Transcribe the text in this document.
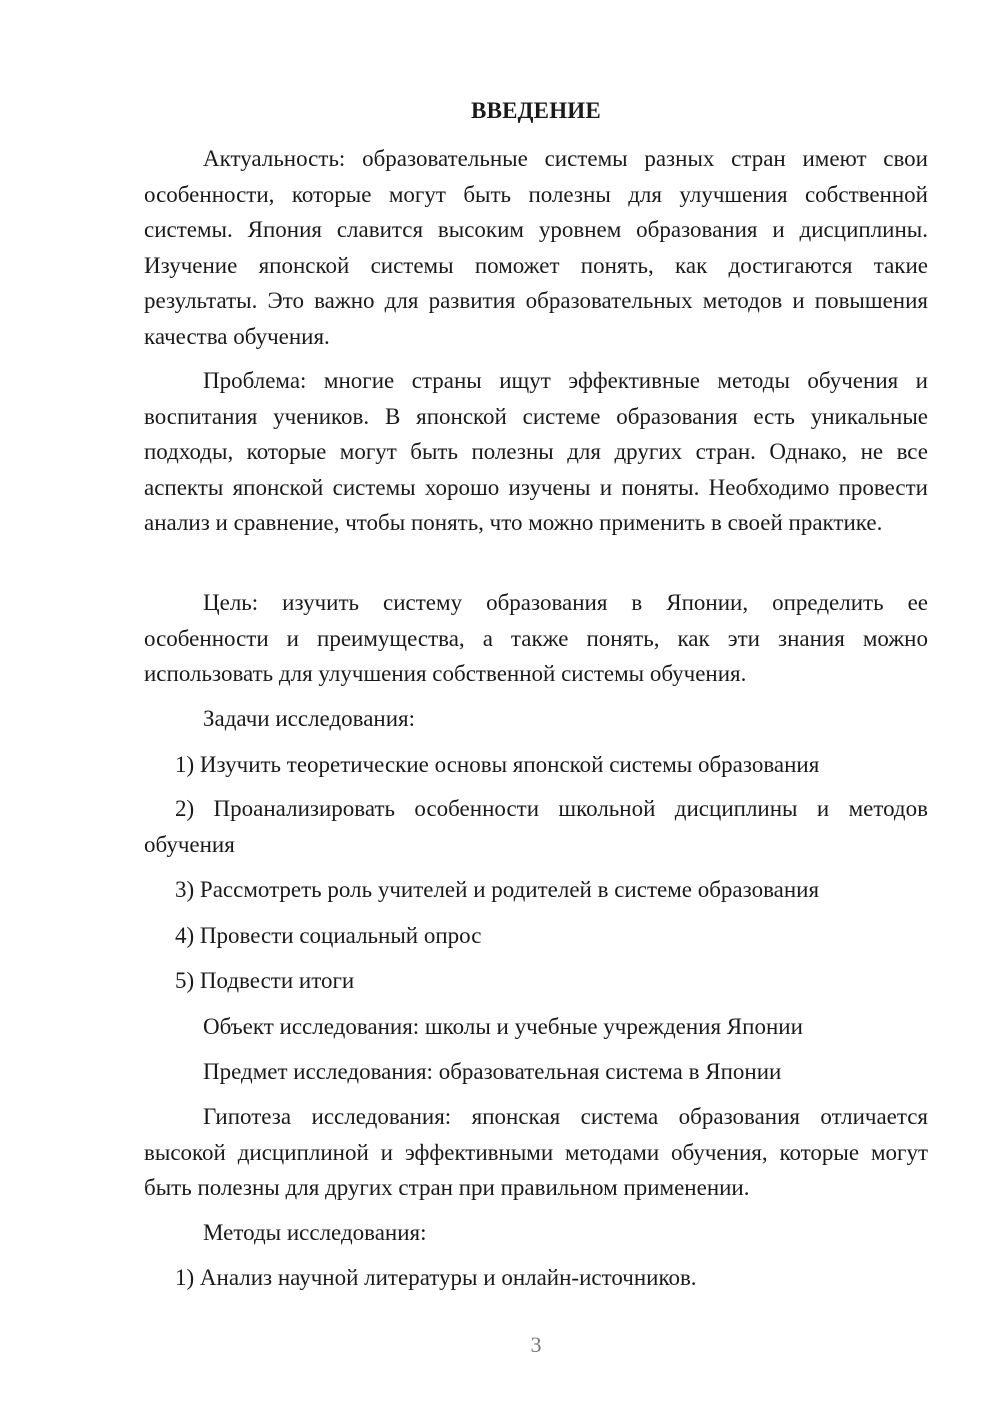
ВВЕДЕНИЕ

Актуальность: образовательные системы разных стран имеют свои особенности, которые могут быть полезны для улучшения собственной системы. Япония славится высоким уровнем образования и дисциплины. Изучение японской системы поможет понять, как достигаются такие результаты. Это важно для развития образовательных методов и повышения качества обучения.

Проблема: многие страны ищут эффективные методы обучения и воспитания учеников. В японской системе образования есть уникальные подходы, которые могут быть полезны для других стран. Однако, не все аспекты японской системы хорошо изучены и поняты. Необходимо провести анализ и сравнение, чтобы понять, что можно применить в своей практике.

Цель: изучить систему образования в Японии, определить ее особенности и преимущества, а также понять, как эти знания можно использовать для улучшения собственной системы обучения.

Задачи исследования:

1) Изучить теоретические основы японской системы образования

2) Проанализировать особенности школьной дисциплины и методов обучения

3) Рассмотреть роль учителей и родителей в системе образования

4) Провести социальный опрос

5) Подвести итоги

Объект исследования: школы и учебные учреждения Японии

Предмет исследования: образовательная система в Японии

Гипотеза исследования: японская система образования отличается высокой дисциплиной и эффективными методами обучения, которые могут быть полезны для других стран при правильном применении.

Методы исследования:

1) Анализ научной литературы и онлайн-источников.

3
